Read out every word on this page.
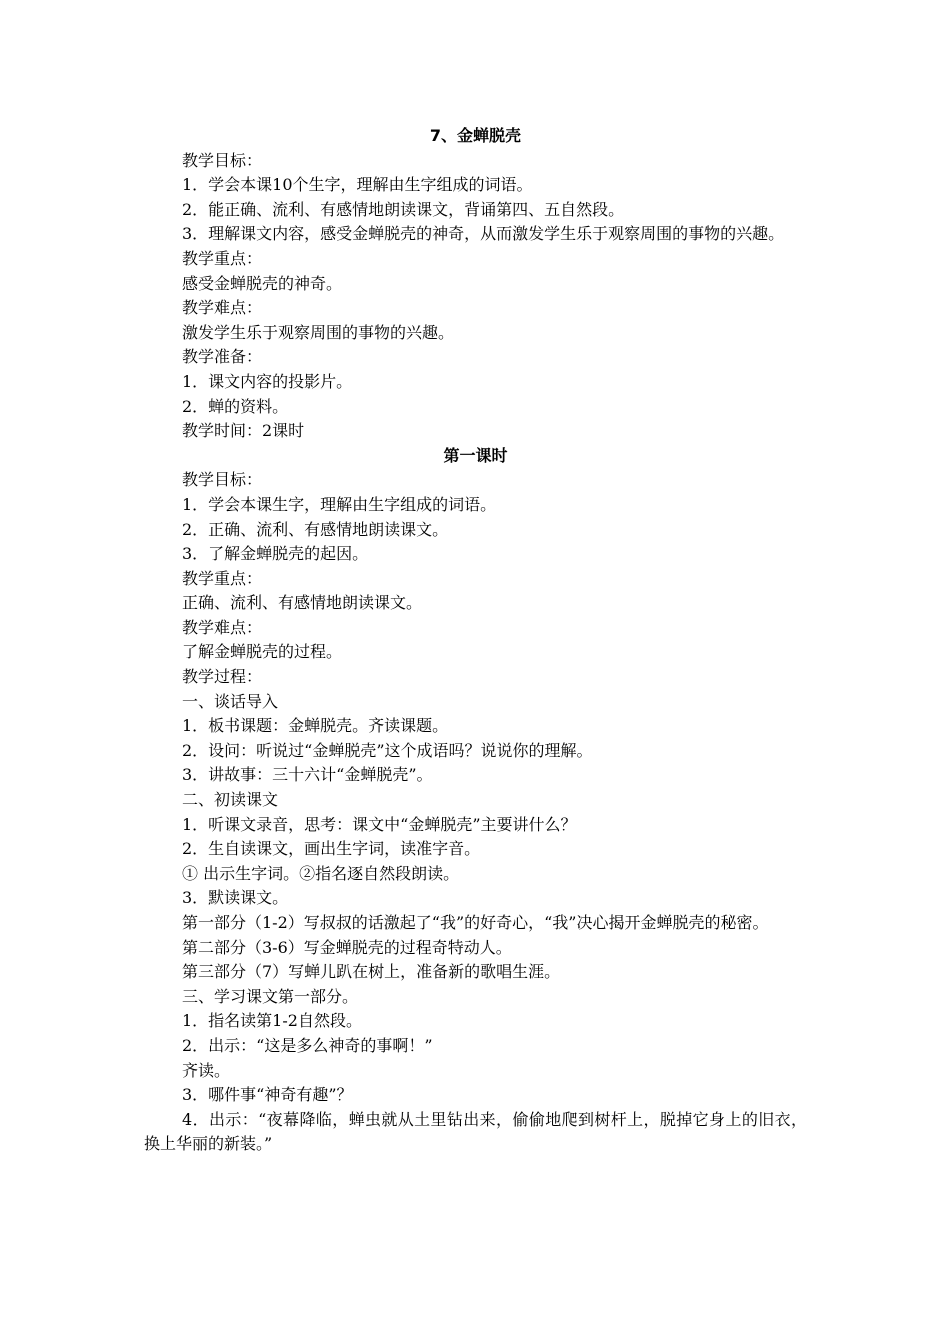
7、金蝉脱壳

教学目标：

1．学会本课10个生字，理解由生字组成的词语。

2．能正确、流利、有感情地朗读课文，背诵第四、五自然段。

3．理解课文内容，感受金蝉脱壳的神奇，从而激发学生乐于观察周围的事物的兴趣。

教学重点：

感受金蝉脱壳的神奇。

教学难点：

激发学生乐于观察周围的事物的兴趣。

教学准备：

1．课文内容的投影片。

2．蝉的资料。

教学时间：2课时

第一课时

教学目标：

1．学会本课生字，理解由生字组成的词语。

2．正确、流利、有感情地朗读课文。

3．了解金蝉脱壳的起因。

教学重点：

正确、流利、有感情地朗读课文。

教学难点：

了解金蝉脱壳的过程。

教学过程：

一、谈话导入

1．板书课题：金蝉脱壳。齐读课题。

2．设问：听说过“金蝉脱壳”这个成语吗？说说你的理解。

3．讲故事：三十六计“金蝉脱壳”。

二、初读课文

1．听课文录音，思考：课文中“金蝉脱壳”主要讲什么？

2．生自读课文，画出生字词，读准字音。

① 出示生字词。②指名逐自然段朗读。

3．默读课文。

第一部分（1-2）写叔叔的话激起了“我”的好奇心，“我”决心揭开金蝉脱壳的秘密。

第二部分（3-6）写金蝉脱壳的过程奇特动人。

第三部分（7）写蝉儿趴在树上，准备新的歌唱生涯。

三、学习课文第一部分。

1．指名读第1-2自然段。

2．出示：“这是多么神奇的事啊！”

齐读。

3．哪件事“神奇有趣”？

4．出示：“夜幕降临，蝉虫就从土里钻出来，偷偷地爬到树杆上，脱掉它身上的旧衣，换上华丽的新装。”
